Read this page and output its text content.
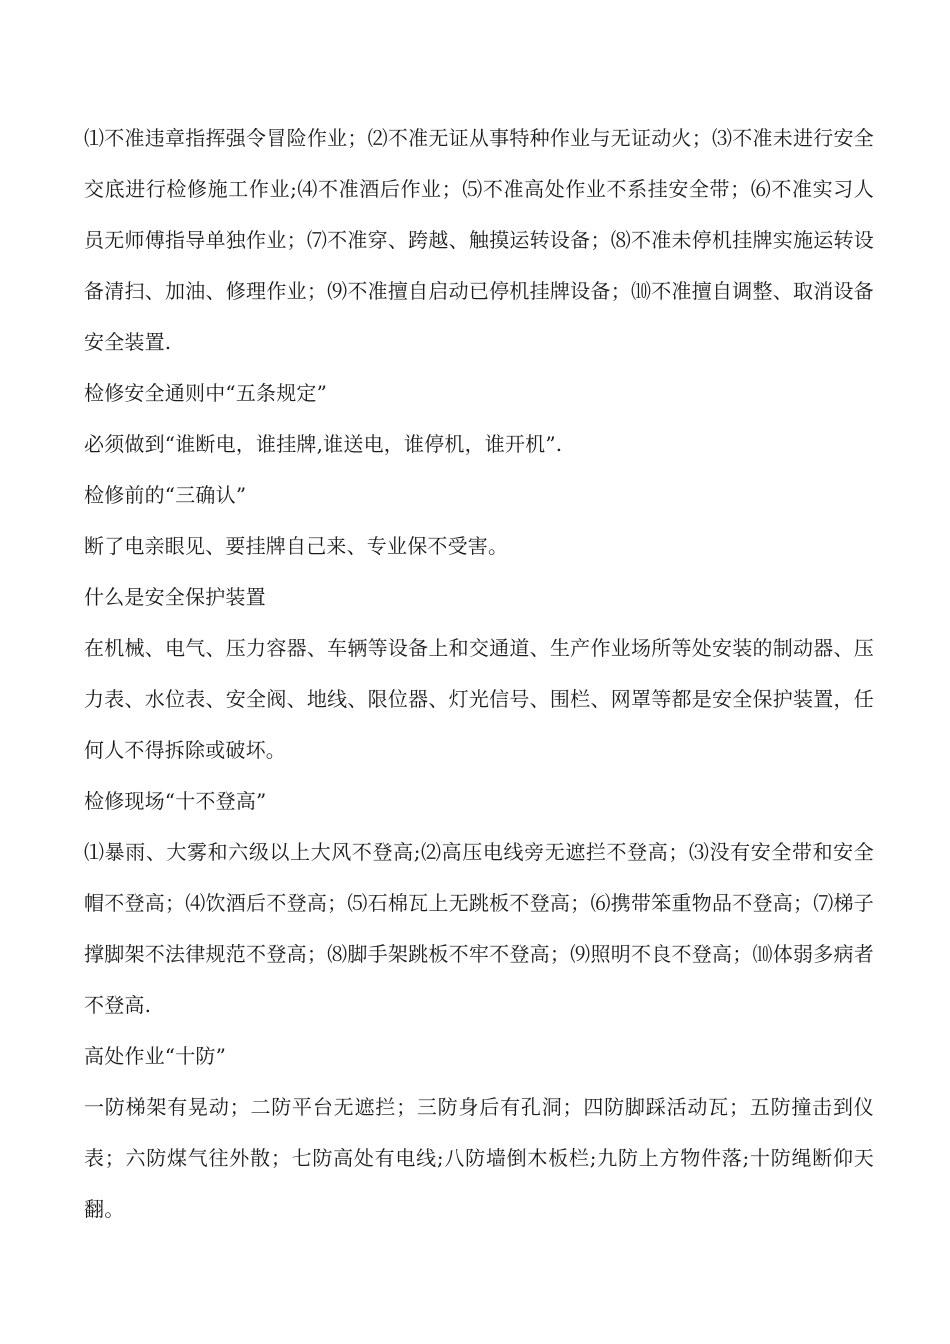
⑴不准违章指挥强令冒险作业；⑵不准无证从事特种作业与无证动火；⑶不准未进行安全交底进行检修施工作业;⑷不准酒后作业；⑸不准高处作业不系挂安全带；⑹不准实习人员无师傅指导单独作业；⑺不准穿、跨越、触摸运转设备；⑻不准未停机挂牌实施运转设备清扫、加油、修理作业；⑼不准擅自启动已停机挂牌设备；⑽不准擅自调整、取消设备安全装置.

检修安全通则中“五条规定”

必须做到“谁断电，谁挂牌,谁送电，谁停机，谁开机”.

检修前的“三确认”

断了电亲眼见、要挂牌自己来、专业保不受害。

什么是安全保护装置

在机械、电气、压力容器、车辆等设备上和交通道、生产作业场所等处安装的制动器、压力表、水位表、安全阀、地线、限位器、灯光信号、围栏、网罩等都是安全保护装置，任何人不得拆除或破坏。

检修现场“十不登高”

⑴暴雨、大雾和六级以上大风不登高;⑵高压电线旁无遮拦不登高；⑶没有安全带和安全帽不登高；⑷饮酒后不登高；⑸石棉瓦上无跳板不登高；⑹携带笨重物品不登高；⑺梯子撑脚架不法律规范不登高；⑻脚手架跳板不牢不登高；⑼照明不良不登高；⑽体弱多病者不登高.

高处作业“十防”

一防梯架有晃动；二防平台无遮拦；三防身后有孔洞；四防脚踩活动瓦；五防撞击到仪表；六防煤气往外散；七防高处有电线;八防墙倒木板栏;九防上方物件落;十防绳断仰天翻。
